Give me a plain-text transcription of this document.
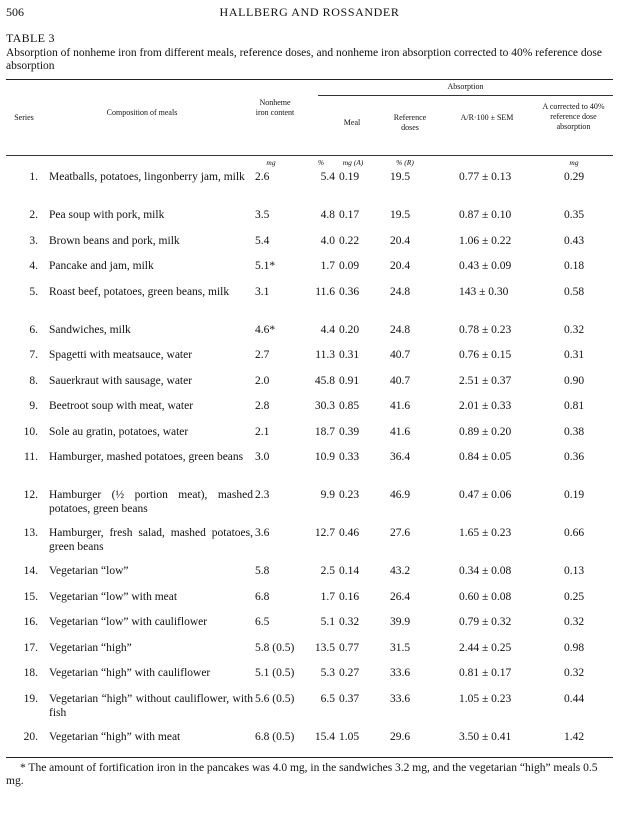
506	HALLBERG AND ROSSANDER
TABLE 3
Absorption of nonheme iron from different meals, reference doses, and nonheme iron absorption corrected to 40% reference dose absorption
Absorption
Series
Composition of meals
Nonheme iron content
Meal
Reference doses
A/R·100 ± SEM
A corrected to 40% reference dose absorption
mg	%	mg (A)	% (R)	mg
1. Meatballs, potatoes, lingonberry jam, milk 2.6	5.4 0.19	19.5	0.77 ± 0.13	0.29
2. Pea soup with pork, milk	3.5	4.8 0.17	19.5	0.87 ± 0.10	0.35
3. Brown beans and pork, milk	5.4	4.0 0.22	20.4	1.06 ± 0.22	0.43
4. Pancake and jam, milk	5.1*	1.7 0.09	20.4	0.43 ± 0.09	0.18
5. Roast beef, potatoes, green beans, milk	3.1	11.6 0.36	24.8	143 ± 0.30	0.58
6. Sandwiches, milk	4.6*	4.4 0.20	24.8	0.78 ± 0.23	0.32
7. Spagetti with meatsauce, water	2.7	11.3 0.31	40.7	0.76 ± 0.15	0.31
8. Sauerkraut with sausage, water	2.0	45.8 0.91	40.7	2.51 ± 0.37	0.90
9. Beetroot soup with meat, water	2.8	30.3 0.85	41.6	2.01 ± 0.33	0.81
10. Sole au gratin, potatoes, water	2.1	18.7 0.39	41.6	0.89 ± 0.20	0.38
11. Hamburger, mashed potatoes, green beans	3.0	10.9 0.33	36.4	0.84 ± 0.05	0.36
12. Hamburger (½ portion meat), mashed potatoes, green beans
2.3	9.9 0.23	46.9	0.47 ± 0.06	0.19
13. Hamburger, fresh salad, mashed potatoes, green beans
3.6	12.7 0.46	27.6	1.65 ± 0.23	0.66
14. Vegetarian “low”	5.8	2.5 0.14	43.2	0.34 ± 0.08	0.13
15. Vegetarian “low” with meat	6.8	1.7 0.16	26.4	0.60 ± 0.08	0.25
16. Vegetarian “low” with cauliflower	6.5	5.1 0.32	39.9	0.79 ± 0.32	0.32
17. Vegetarian “high”	5.8 (0.5)	13.5 0.77	31.5	2.44 ± 0.25	0.98
18. Vegetarian “high” with cauliflower	5.1 (0.5)	5.3 0.27	33.6	0.81 ± 0.17	0.32
19. Vegetarian “high” without cauliflower, with fish
5.6 (0.5)	6.5 0.37	33.6	1.05 ± 0.23	0.44
20. Vegetarian “high” with meat	6.8 (0.5)	15.4 1.05	29.6	3.50 ± 0.41	1.42
* The amount of fortification iron in the pancakes was 4.0 mg, in the sandwiches 3.2 mg, and the vegetarian “high” meals 0.5 mg.
